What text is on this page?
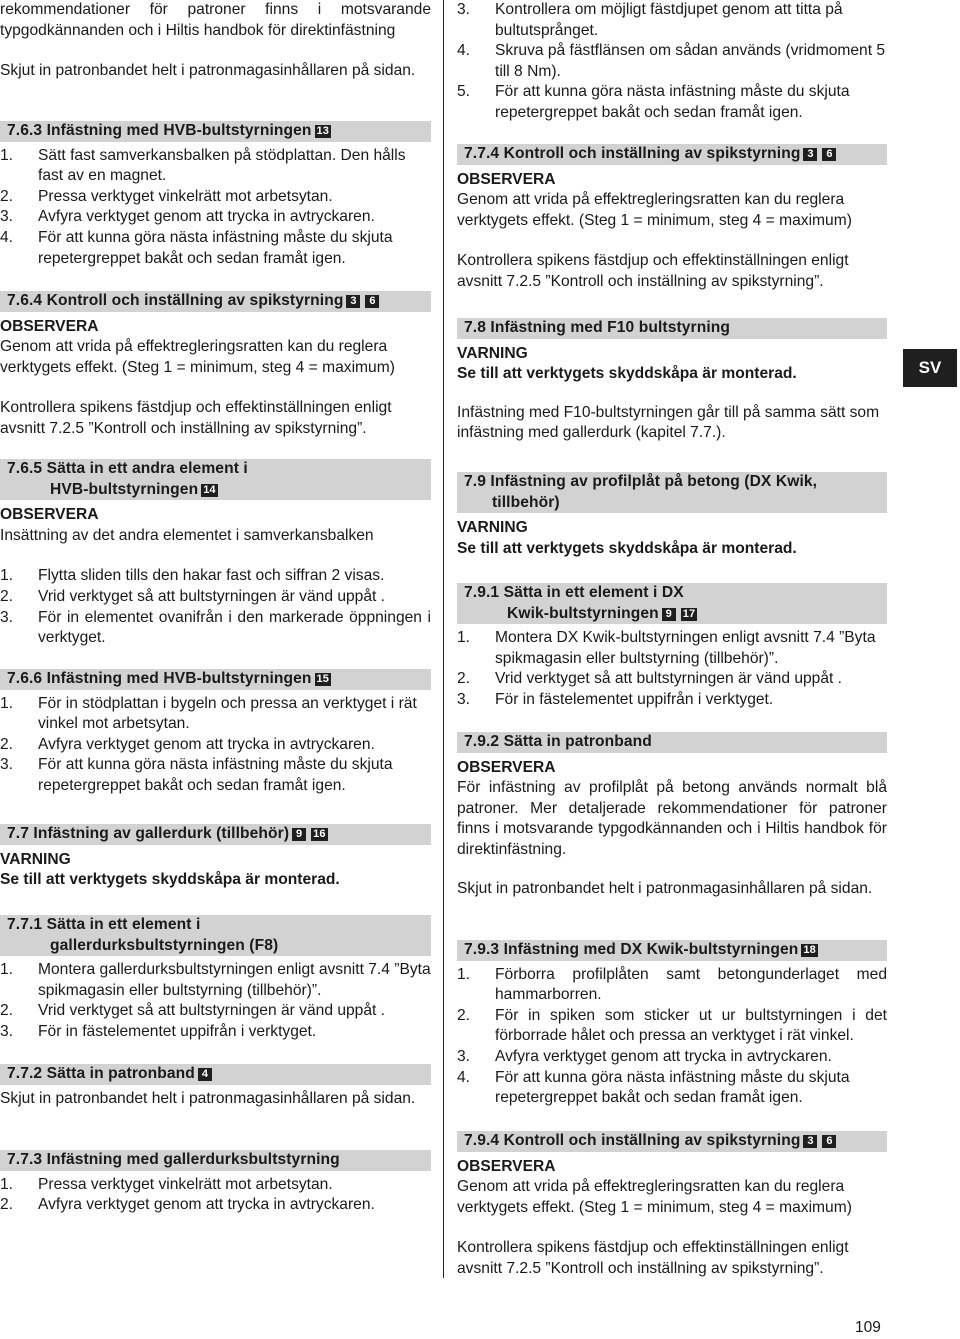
SV
109

rekommendationer för patroner finns i motsvarande typgodkännanden och i Hiltis handbok för direktinfästning

Skjut in patronbandet helt i patronmagasinhållaren på sidan.

7.6.3 Infästning med HVB-bultstyrningen 13
1.	Sätt fast samverkansbalken på stödplattan. Den hålls fast av en magnet.
2.	Pressa verktyget vinkelrätt mot arbetsytan.
3.	Avfyra verktyget genom att trycka in avtryckaren.
4.	För att kunna göra nästa infästning måste du skjuta repetergreppet bakåt och sedan framåt igen.
7.6.4 Kontroll och inställning av spikstyrning 3 6

OBSERVERA

Genom att vrida på effektregleringsratten kan du reglera verktygets effekt. (Steg 1 = minimum, steg 4 = maximum)

Kontrollera spikens fästdjup och effektinställningen enligt avsnitt 7.2.5 ”Kontroll och inställning av spikstyrning”.

7.6.5 Sätta in ett andra element i
HVB-bultstyrningen 14

OBSERVERA

Insättning av det andra elementet i samverkansbalken

1.	Flytta sliden tills den hakar fast och siffran 2 visas.
2.	Vrid verktyget så att bultstyrningen är vänd uppåt .
3.	För in elementet ovanifrån i den markerade öppningen i verktyget.
7.6.6 Infästning med HVB-bultstyrningen 15
1.	För in stödplattan i bygeln och pressa an verktyget i rät vinkel mot arbetsytan.
2.	Avfyra verktyget genom att trycka in avtryckaren.
3.	För att kunna göra nästa infästning måste du skjuta repetergreppet bakåt och sedan framåt igen.
7.7 Infästning av gallerdurk (tillbehör) 9 16

VARNING

Se till att verktygets skyddskåpa är monterad.

7.7.1 Sätta in ett element i
gallerdurksbultstyrningen (F8)
1.	Montera gallerdurksbultstyrningen enligt avsnitt 7.4 ”Byta spikmagasin eller bultstyrning (tillbehör)”.
2.	Vrid verktyget så att bultstyrningen är vänd uppåt .
3.	För in fästelementet uppifrån i verktyget.
7.7.2 Sätta in patronband 4

Skjut in patronbandet helt i patronmagasinhållaren på sidan.

7.7.3 Infästning med gallerdurksbultstyrning
1.	Pressa verktyget vinkelrätt mot arbetsytan.
2.	Avfyra verktyget genom att trycka in avtryckaren.
3.	Kontrollera om möjligt fästdjupet genom att titta på bultutsprånget.
4.	Skruva på fästflänsen om sådan används (vridmoment 5 till 8 Nm).
5.	För att kunna göra nästa infästning måste du skjuta repetergreppet bakåt och sedan framåt igen.
7.7.4 Kontroll och inställning av spikstyrning 3 6

OBSERVERA

Genom att vrida på effektregleringsratten kan du reglera verktygets effekt. (Steg 1 = minimum, steg 4 = maximum)

Kontrollera spikens fästdjup och effektinställningen enligt avsnitt 7.2.5 ”Kontroll och inställning av spikstyrning”.

7.8 Infästning med F10 bultstyrning

VARNING

Se till att verktygets skyddskåpa är monterad.

Infästning med F10-bultstyrningen går till på samma sätt som infästning med gallerdurk (kapitel 7.7.).

7.9 Infästning av profilplåt på betong (DX Kwik,
tillbehör)

VARNING

Se till att verktygets skyddskåpa är monterad.

7.9.1 Sätta in ett element i DX
Kwik-bultstyrningen 9 17
1.	Montera DX Kwik-bultstyrningen enligt avsnitt 7.4 ”Byta spikmagasin eller bultstyrning (tillbehör)”.
2.	Vrid verktyget så att bultstyrningen är vänd uppåt .
3.	För in fästelementet uppifrån i verktyget.
7.9.2 Sätta in patronband

OBSERVERA

För infästning av profilplåt på betong används normalt blå patroner. Mer detaljerade rekommendationer för patroner finns i motsvarande typgodkännanden och i Hiltis handbok för direktinfästning.

Skjut in patronbandet helt i patronmagasinhållaren på sidan.

7.9.3 Infästning med DX Kwik-bultstyrningen 18
1.	Förborra profilplåten samt betongunderlaget med hammarborren.
2.	För in spiken som sticker ut ur bultstyrningen i det förborrade hålet och pressa an verktyget i rät vinkel.
3.	Avfyra verktyget genom att trycka in avtryckaren.
4.	För att kunna göra nästa infästning måste du skjuta repetergreppet bakåt och sedan framåt igen.
7.9.4 Kontroll och inställning av spikstyrning 3 6

OBSERVERA

Genom att vrida på effektregleringsratten kan du reglera verktygets effekt. (Steg 1 = minimum, steg 4 = maximum)

Kontrollera spikens fästdjup och effektinställningen enligt avsnitt 7.2.5 ”Kontroll och inställning av spikstyrning”.
